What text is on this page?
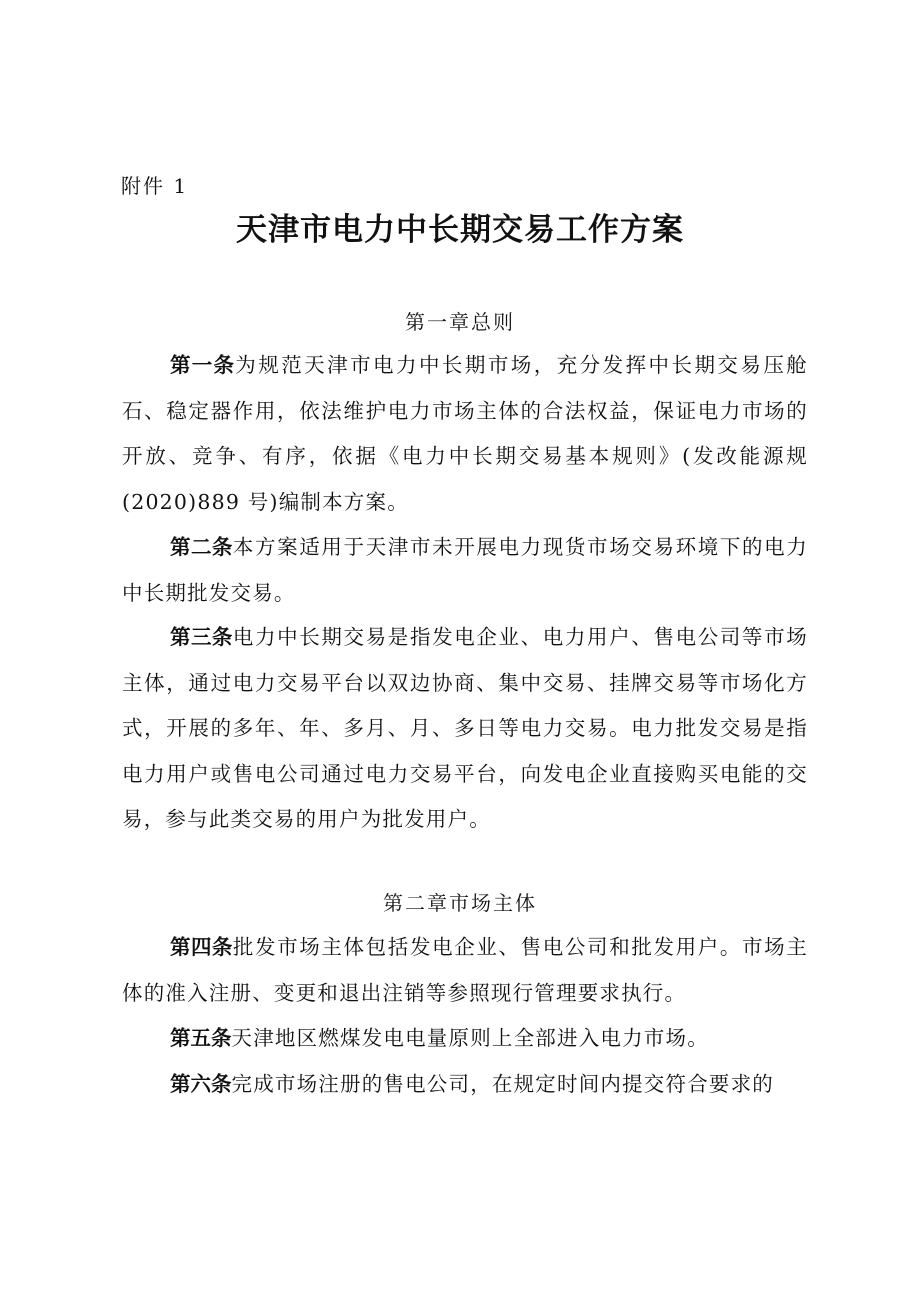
附件 1
天津市电力中长期交易工作方案
第一章总则

第一条为规范天津市电力中长期市场，充分发挥中长期交易压舱石、稳定器作用，依法维护电力市场主体的合法权益，保证电力市场的开放、竞争、有序，依据《电力中长期交易基本规则》(发改能源规(2020)889 号)编制本方案。

第二条本方案适用于天津市未开展电力现货市场交易环境下的电力中长期批发交易。

第三条电力中长期交易是指发电企业、电力用户、售电公司等市场主体，通过电力交易平台以双边协商、集中交易、挂牌交易等市场化方式，开展的多年、年、多月、月、多日等电力交易。电力批发交易是指电力用户或售电公司通过电力交易平台，向发电企业直接购买电能的交易，参与此类交易的用户为批发用户。

第二章市场主体

第四条批发市场主体包括发电企业、售电公司和批发用户。市场主体的准入注册、变更和退出注销等参照现行管理要求执行。

第五条天津地区燃煤发电电量原则上全部进入电力市场。

第六条完成市场注册的售电公司，在规定时间内提交符合要求的
